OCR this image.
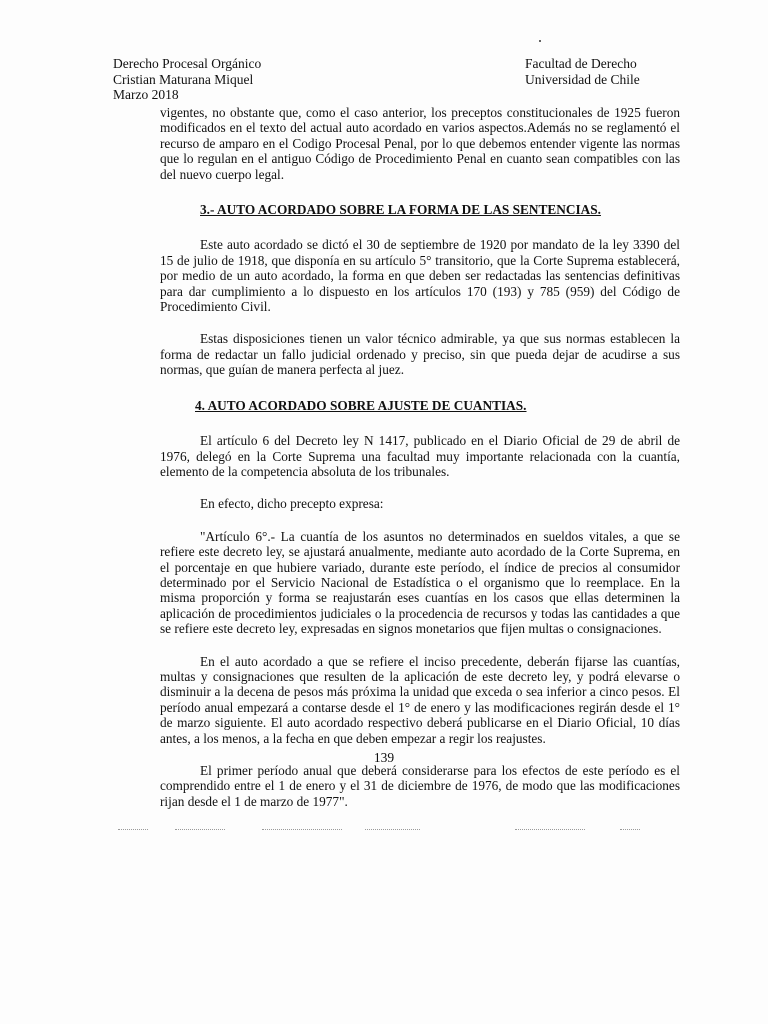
Derecho Procesal Orgánico
Cristian Maturana Miquel
Marzo 2018
Facultad de Derecho
Universidad de Chile

vigentes, no obstante que, como el caso anterior, los preceptos constitucionales de 1925 fueron modificados en el texto del actual auto acordado en varios aspectos.Además no se reglamentó el recurso de amparo en el Codigo Procesal Penal, por lo que debemos entender vigente las normas que lo regulan en el antiguo Código de Procedimiento Penal en cuanto sean compatibles con las del nuevo cuerpo legal.

3.- AUTO ACORDADO SOBRE LA FORMA DE LAS SENTENCIAS.

Este auto acordado se dictó el 30 de septiembre de 1920 por mandato de la ley 3390 del 15 de julio de 1918, que disponía en su artículo 5° transitorio, que la Corte Suprema establecerá, por medio de un auto acordado, la forma en que deben ser redactadas las sentencias definitivas para dar cumplimiento a lo dispuesto en los artículos 170 (193) y 785 (959) del Código de Procedimiento Civil.

Estas disposiciones tienen un valor técnico admirable, ya que sus normas establecen la forma de redactar un fallo judicial ordenado y preciso, sin que pueda dejar de acudirse a sus normas, que guían de manera perfecta al juez.

4. AUTO ACORDADO SOBRE AJUSTE DE CUANTIAS.

El artículo 6 del Decreto ley N 1417, publicado en el Diario Oficial de 29 de abril de 1976, delegó en la Corte Suprema una facultad muy importante relacionada con la cuantía, elemento de la competencia absoluta de los tribunales.

En efecto, dicho precepto expresa:

"Artículo 6°.- La cuantía de los asuntos no determinados en sueldos vitales, a que se refiere este decreto ley, se ajustará anualmente, mediante auto acordado de la Corte Suprema, en el porcentaje en que hubiere variado, durante este período, el índice de precios al consumidor determinado por el Servicio Nacional de Estadística o el organismo que lo reemplace. En la misma proporción y forma se reajustarán eses cuantías en los casos que ellas determinen la aplicación de procedimientos judiciales o la procedencia de recursos y todas las cantidades a que se refiere este decreto ley, expresadas en signos monetarios que fijen multas o consignaciones.

En el auto acordado a que se refiere el inciso precedente, deberán fijarse las cuantías, multas y consignaciones que resulten de la aplicación de este decreto ley, y podrá elevarse o disminuir a la decena de pesos más próxima la unidad que exceda o sea inferior a cinco pesos. El período anual empezará a contarse desde el 1° de enero y las modificaciones regirán desde el 1° de marzo siguiente. El auto acordado respectivo deberá publicarse en el Diario Oficial, 10 días antes, a los menos, a la fecha en que deben empezar a regir los reajustes.

El primer período anual que deberá considerarse para los efectos de este período es el comprendido entre el 1 de enero y el 31 de diciembre de 1976, de modo que las modificaciones rijan desde el 1 de marzo de 1977".

139
